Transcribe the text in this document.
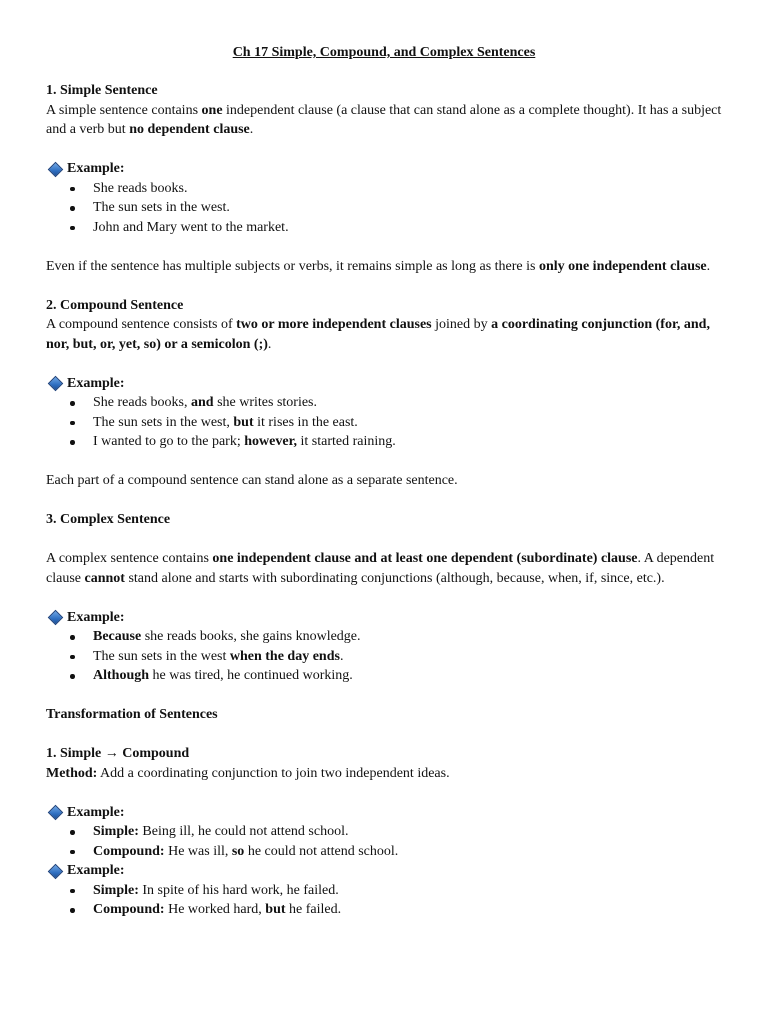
Ch 17 Simple, Compound, and Complex Sentences

1. Simple Sentence

A simple sentence contains one independent clause (a clause that can stand alone as a complete thought). It has a subject and a verb but no dependent clause.

Example:

She reads books.
The sun sets in the west.
John and Mary went to the market.

Even if the sentence has multiple subjects or verbs, it remains simple as long as there is only one independent clause.

2. Compound Sentence

A compound sentence consists of two or more independent clauses joined by a coordinating conjunction (for, and, nor, but, or, yet, so) or a semicolon (;).

Example:

She reads books, and she writes stories.
The sun sets in the west, but it rises in the east.
I wanted to go to the park; however, it started raining.

Each part of a compound sentence can stand alone as a separate sentence.

3. Complex Sentence

A complex sentence contains one independent clause and at least one dependent (subordinate) clause. A dependent clause cannot stand alone and starts with subordinating conjunctions (although, because, when, if, since, etc.).

Example:

Because she reads books, she gains knowledge.
The sun sets in the west when the day ends.
Although he was tired, he continued working.

Transformation of Sentences

1. Simple → Compound

Method: Add a coordinating conjunction to join two independent ideas.

Example:

Simple: Being ill, he could not attend school.
Compound: He was ill, so he could not attend school.

Example:

Simple: In spite of his hard work, he failed.
Compound: He worked hard, but he failed.
